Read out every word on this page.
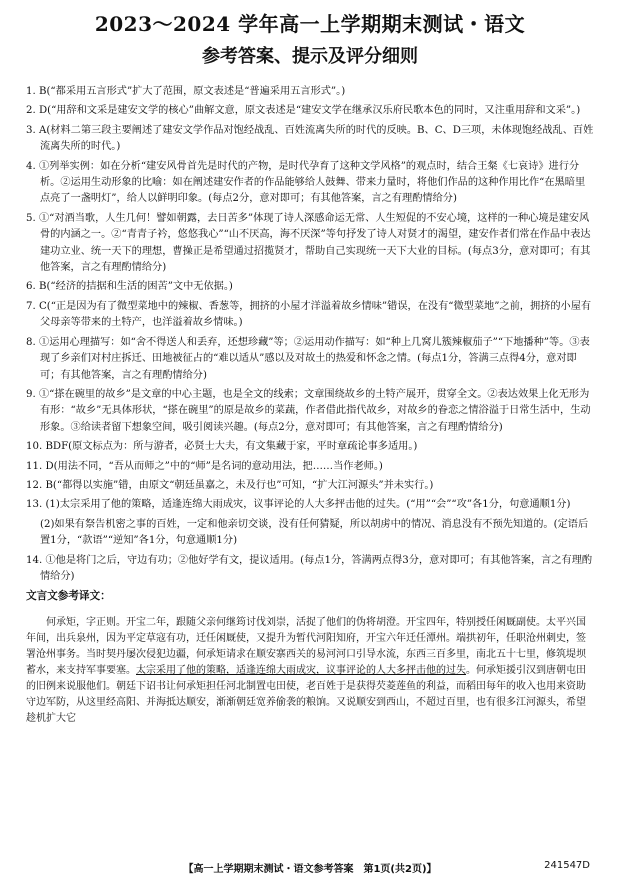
2023～2024 学年高一上学期期末测试・语文
参考答案、提示及评分细则

1. B(“都采用五言形式”扩大了范围，原文表述是“普遍采用五言形式”。)

2. D(“用辞和文采是建安文学的核心”曲解文意，原文表述是“建安文学在继承汉乐府民歌本色的同时，又注重用辞和文采”。)

3. A(材料二第三段主要阐述了建安文学作品对饱经战乱、百姓流离失所的时代的反映。B、C、D三项，未体现饱经战乱、百姓流离失所的时代。)

4. ①列举实例：如在分析“建安风骨首先是时代的产物，是时代孕育了这种文学风格”的观点时，结合王粲《七哀诗》进行分析。②运用生动形象的比喻：如在阐述建安作者的作品能够给人鼓舞、带来力量时，将他们作品的这种作用比作“在黑暗里点亮了一盏明灯”，给人以鲜明印象。(每点2分，意对即可；有其他答案，言之有理酌情给分)

5. ①“对酒当歌，人生几何！譬如朝露，去日苦多”体现了诗人深感命运无常、人生短促的不安心境，这样的一种心境是建安风骨的内涵之一。②“青青子衿，悠悠我心”“山不厌高，海不厌深”等句抒发了诗人对贤才的渴望，建安作者们常在作品中表达建功立业、统一天下的理想，曹操正是希望通过招揽贤才，帮助自己实现统一天下大业的目标。(每点3分，意对即可；有其他答案，言之有理酌情给分)

6. B(“经济的拮据和生活的困苦”文中无依据。)

7. C(“正是因为有了微型菜地中的辣椒、香葱等，拥挤的小屋才洋溢着故乡情味”错误，在没有“微型菜地”之前，拥挤的小屋有父母亲等带来的土特产，也洋溢着故乡情味。)

8. ①运用心理描写：如“舍不得送人和丢弃，还想珍藏”等；②运用动作描写：如“种上几窝儿簇辣椒茄子”“下地播种”等。③表现了乡亲们对村庄拆迁、田地被征占的“难以适从”感以及对故土的热爱和怀念之情。(每点1分，答满三点得4分，意对即可；有其他答案，言之有理酌情给分)

9. ①“搽在碗里的故乡”是文章的中心主题，也是全文的线索；文章围绕故乡的土特产展开，贯穿全文。②表达效果上化无形为有形：“故乡”无具体形状，“搽在碗里”的原是故乡的菜蔬，作者借此指代故乡，对故乡的眷恋之情浴溢于日常生活中，生动形象。③给读者留下想象空间，吸引阅读兴趣。(每点2分，意对即可；有其他答案，言之有理酌情给分)

10. BDF(原文标点为：所与游者，必贤士大夫，有文集藏于家，平时章疏论事多适用。)

11. D(用法不同，“吾从而师之”中的“师”是名词的意动用法，把……当作老师。)

12. B(“都得以实施”错，由原文“朝廷虽嘉之，未及行也”可知，“扩大江河源头”并未实行。)

13. (1)太宗采用了他的策略，适逢连绵大雨成灾，议事评论的人大多抨击他的过失。(“用”“会”“攻”各1分，句意通顺1分)

(2)如果有祭告机密之事的百姓，一定和他亲切交谈，没有任何猜疑，所以胡虏中的情况、消息没有不预先知道的。(定语后置1分，“款语”“逆知”各1分，句意通顺1分)

14. ①他是将门之后，守边有功；②他好学有文，提议适用。(每点1分，答满两点得3分，意对即可；有其他答案，言之有理酌情给分)

文言文参考译文：

何承矩，字正则。开宝二年，跟随父亲何继筠讨伐刘崇，活捉了他们的伪将胡澄。开宝四年，特别授任闲厩副使。太平兴国年间，出兵泉州，因为平定草寇有功，迁任闲厩使，又提升为暂代河阳知府，开宝六年迁任潭州。端拱初年，任职沧州刺史，签署沧州事务。当时契丹屡次侵犯边疆，何承矩请求在顺安寨西关的易河河口引导水流，东西三百多里，南北五十七里，修筑堤坝蓄水，来支持军事要塞。太宗采用了他的策略，适逢连绵大雨成灾，议事评论的人大多抨击他的过失。何承矩援引汉到唐朝屯田的旧例来说服他们。朝廷下诏书让何承矩担任河北制置屯田使，老百姓于是获得芡菱莲鱼的利益，而稻田每年的收入也用来资助守边军防，从这里经高阳、并海抵达顺安，渐渐朝廷宽养偷袭的粮饷。又说顺安到西山，不超过百里，也有很多江河源头，希望趁机扩大它

【高一上学期期末测试・语文参考答案　第1页(共2页)】	241547D
